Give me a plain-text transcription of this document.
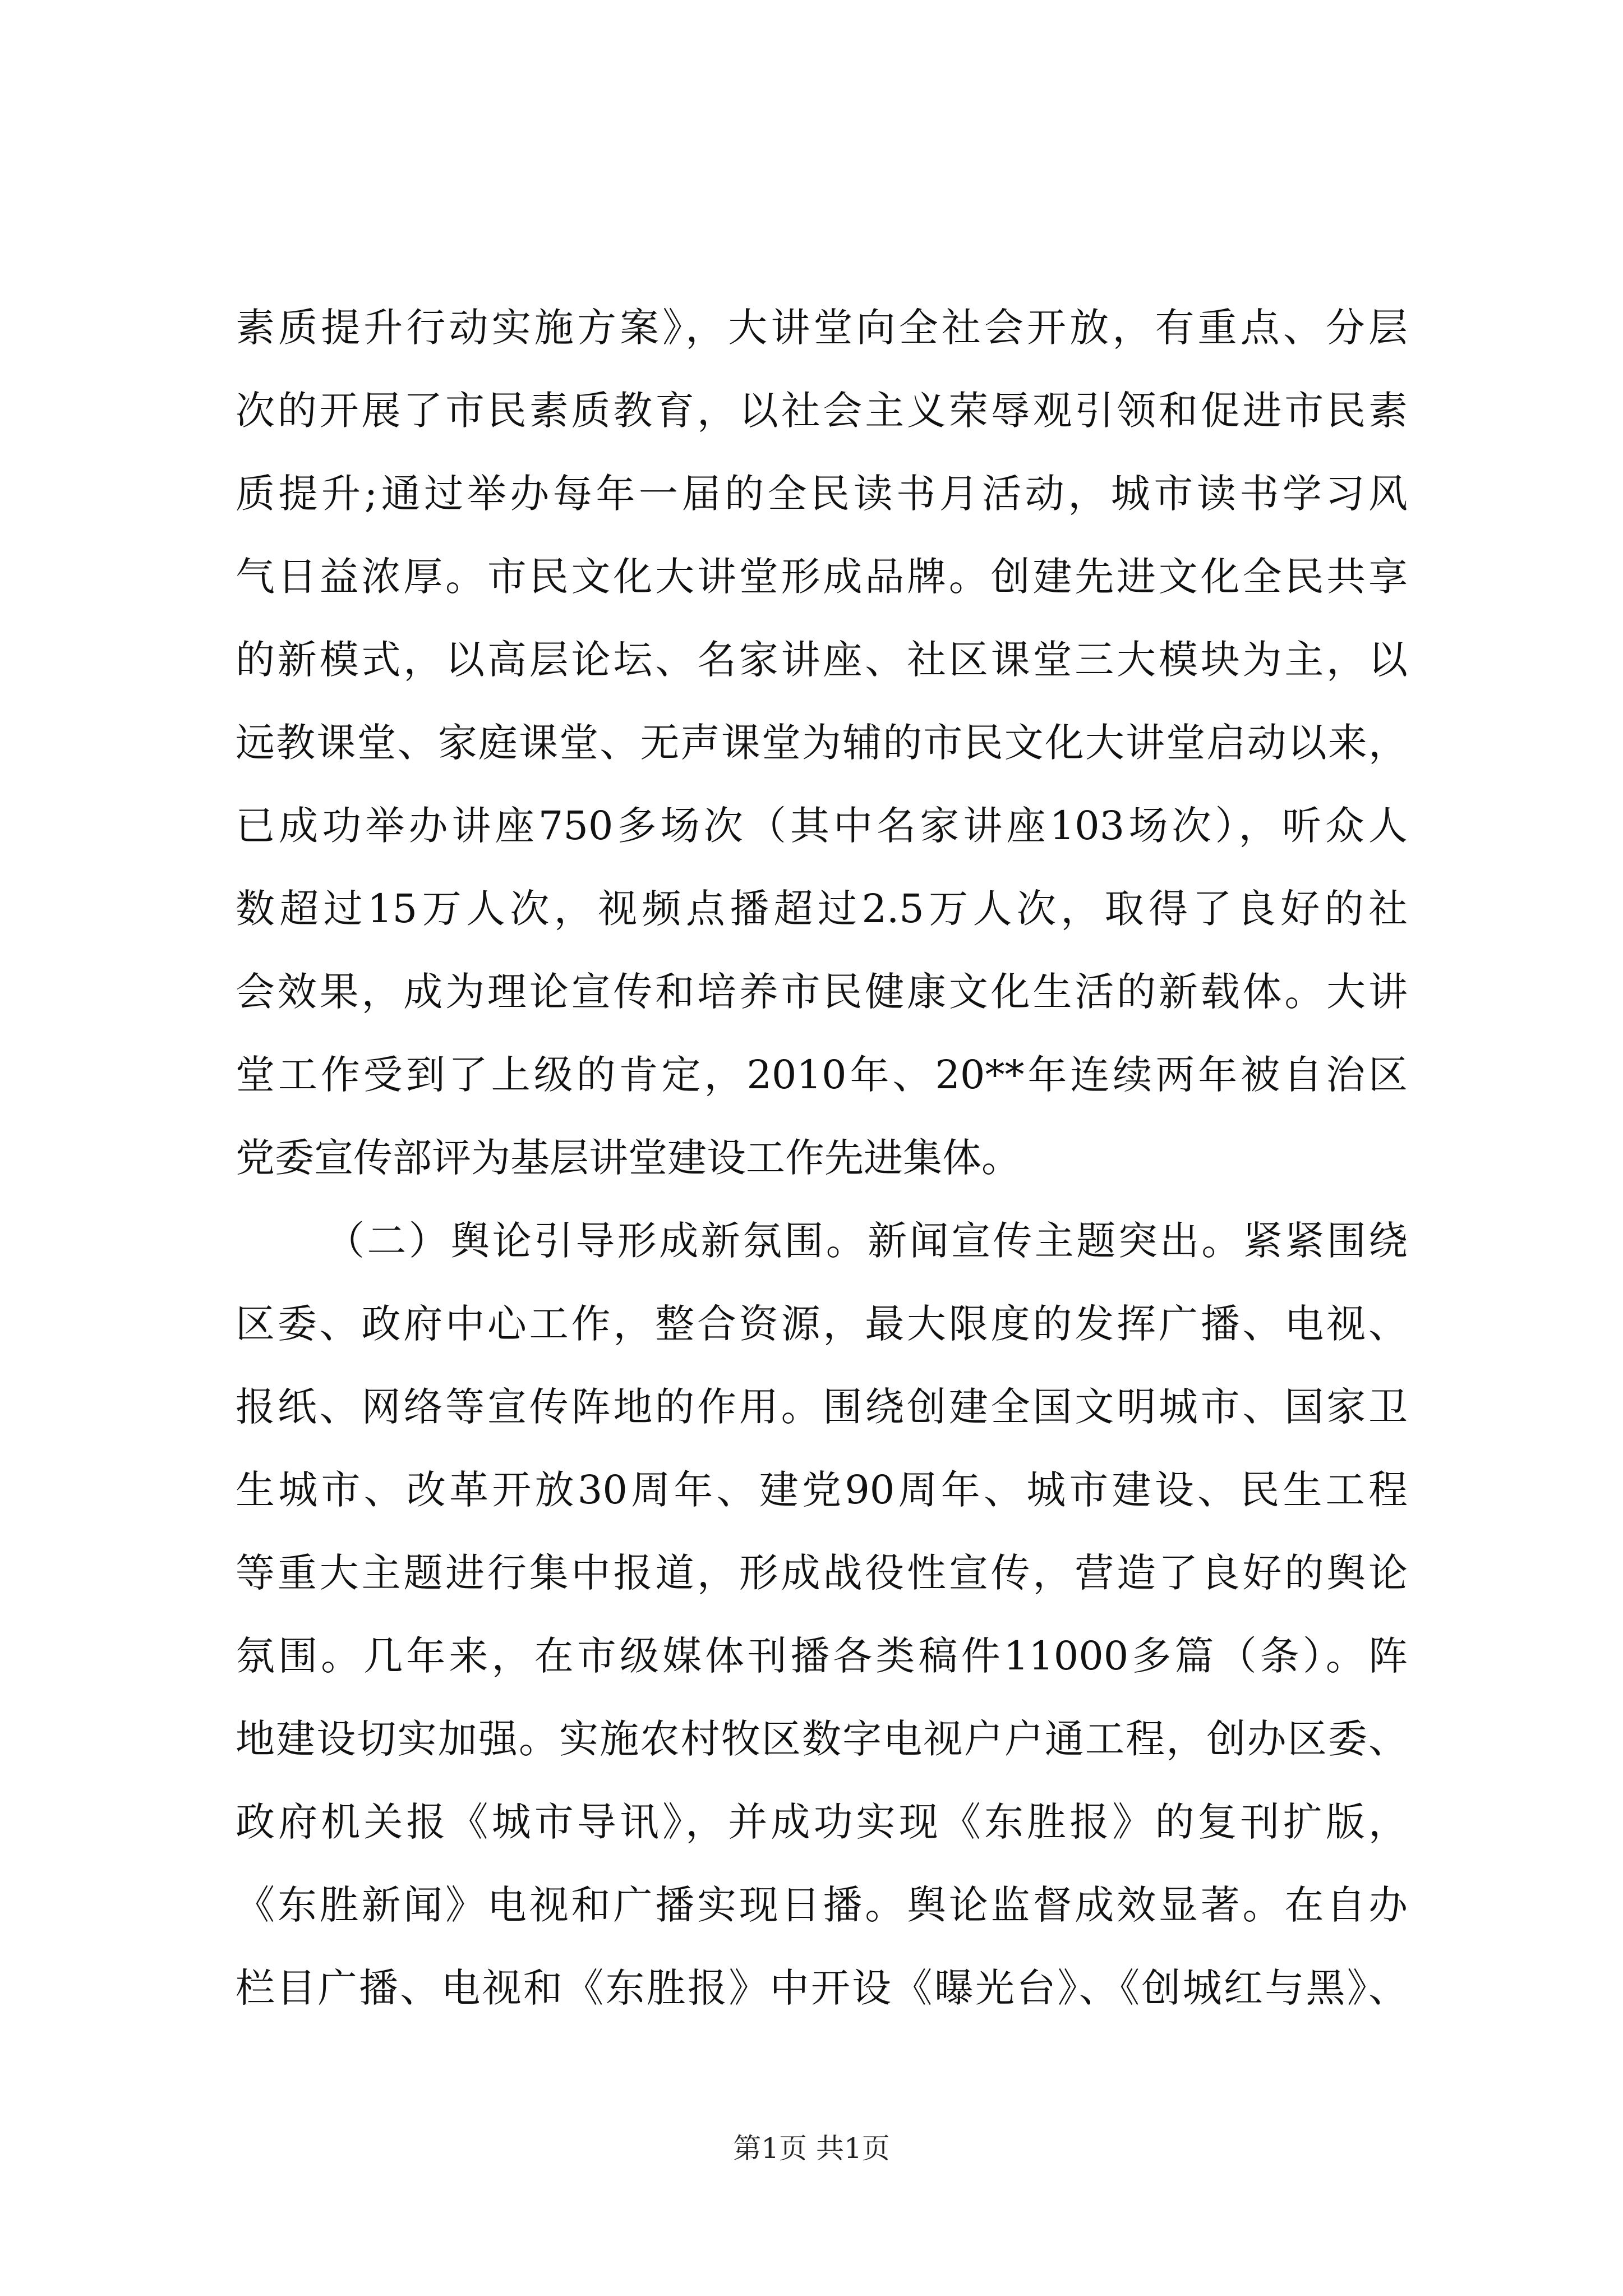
素质提升行动实施方案》，大讲堂向全社会开放，有重点、分层
次的开展了市民素质教育，以社会主义荣辱观引领和促进市民素
质提升;通过举办每年一届的全民读书月活动，城市读书学习风
气日益浓厚。市民文化大讲堂形成品牌。创建先进文化全民共享
的新模式，以高层论坛、名家讲座、社区课堂三大模块为主，以
远教课堂、家庭课堂、无声课堂为辅的市民文化大讲堂启动以来，
已成功举办讲座750多场次（其中名家讲座103场次），听众人
数超过15万人次，视频点播超过2.5万人次，取得了良好的社
会效果，成为理论宣传和培养市民健康文化生活的新载体。大讲
堂工作受到了上级的肯定，2010年、20**年连续两年被自治区
党委宣传部评为基层讲堂建设工作先进集体。
（二）舆论引导形成新氛围。新闻宣传主题突出。紧紧围绕
区委、政府中心工作，整合资源，最大限度的发挥广播、电视、
报纸、网络等宣传阵地的作用。围绕创建全国文明城市、国家卫
生城市、改革开放30周年、建党90周年、城市建设、民生工程
等重大主题进行集中报道，形成战役性宣传，营造了良好的舆论
氛围。几年来，在市级媒体刊播各类稿件11000多篇（条）。阵
地建设切实加强。实施农村牧区数字电视户户通工程，创办区委、
政府机关报《城市导讯》，并成功实现《东胜报》的复刊扩版，
《东胜新闻》电视和广播实现日播。舆论监督成效显著。在自办
栏目广播、电视和《东胜报》中开设《曝光台》、《创城红与黑》、
第1页 共1页
